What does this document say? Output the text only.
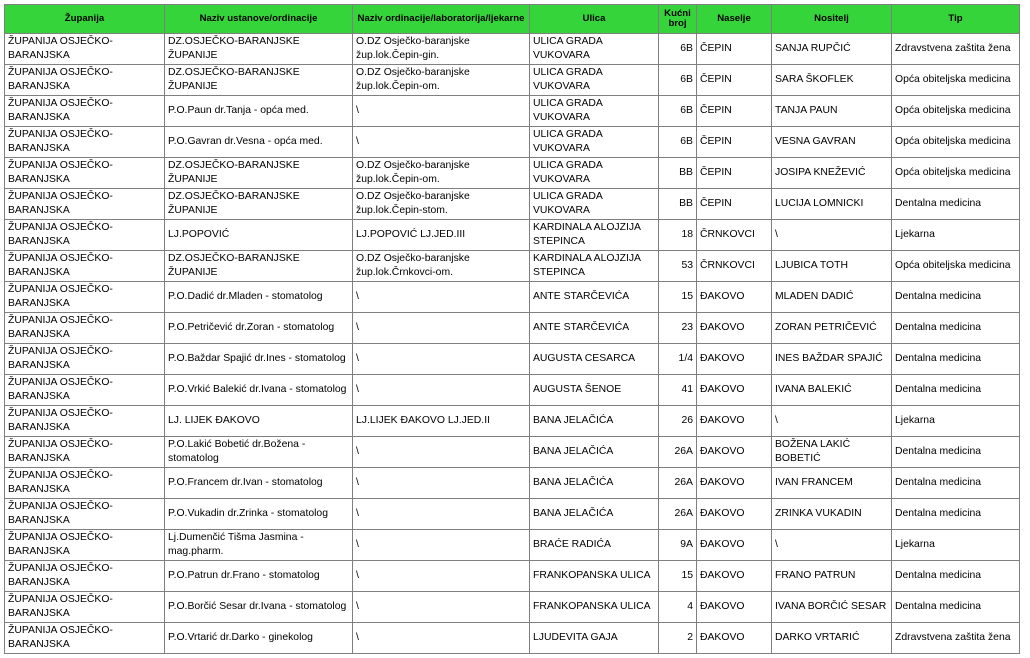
Županija	Naziv ustanove/ordinacije	Naziv ordinacije/laboratorija/ljekarne	Ulica	Kućni broj	Naselje	Nositelj	Tip
ŽUPANIJA OSJEČKO-BARANJSKA	DZ.OSJEČKO-BARANJSKE ŽUPANIJE	O.DZ Osječko-baranjske žup.lok.Čepin-gin.	ULICA GRADA VUKOVARA	6B	ČEPIN	SANJA RUPČIĆ	Zdravstvena zaštita žena
ŽUPANIJA OSJEČKO-BARANJSKA	DZ.OSJEČKO-BARANJSKE ŽUPANIJE	O.DZ Osječko-baranjske žup.lok.Čepin-om.	ULICA GRADA VUKOVARA	6B	ČEPIN	SARA ŠKOFLEK	Opća obiteljska medicina
ŽUPANIJA OSJEČKO-BARANJSKA	P.O.Paun dr.Tanja - opća med.	\	ULICA GRADA VUKOVARA	6B	ČEPIN	TANJA PAUN	Opća obiteljska medicina
ŽUPANIJA OSJEČKO-BARANJSKA	P.O.Gavran dr.Vesna - opća med.	\	ULICA GRADA VUKOVARA	6B	ČEPIN	VESNA GAVRAN	Opća obiteljska medicina
ŽUPANIJA OSJEČKO-BARANJSKA	DZ.OSJEČKO-BARANJSKE ŽUPANIJE	O.DZ Osječko-baranjske žup.lok.Čepin-om.	ULICA GRADA VUKOVARA	BB	ČEPIN	JOSIPA KNEŽEVIĆ	Opća obiteljska medicina
ŽUPANIJA OSJEČKO-BARANJSKA	DZ.OSJEČKO-BARANJSKE ŽUPANIJE	O.DZ Osječko-baranjske žup.lok.Čepin-stom.	ULICA GRADA VUKOVARA	BB	ČEPIN	LUCIJA LOMNICKI	Dentalna medicina
ŽUPANIJA OSJEČKO-BARANJSKA	LJ.POPOVIĆ	LJ.POPOVIĆ LJ.JED.III	KARDINALA ALOJZIJA STEPINCA	18	ČRNKOVCI	\	Ljekarna
ŽUPANIJA OSJEČKO-BARANJSKA	DZ.OSJEČKO-BARANJSKE ŽUPANIJE	O.DZ Osječko-baranjske žup.lok.Črnkovci-om.	KARDINALA ALOJZIJA STEPINCA	53	ČRNKOVCI	LJUBICA TOTH	Opća obiteljska medicina
ŽUPANIJA OSJEČKO-BARANJSKA	P.O.Dadić dr.Mladen - stomatolog	\	ANTE STARČEVIĆA	15	ĐAKOVO	MLADEN DADIĆ	Dentalna medicina
ŽUPANIJA OSJEČKO-BARANJSKA	P.O.Petričević dr.Zoran - stomatolog	\	ANTE STARČEVIĆA	23	ĐAKOVO	ZORAN PETRIČEVIĆ	Dentalna medicina
ŽUPANIJA OSJEČKO-BARANJSKA	P.O.Baždar Spajić dr.Ines - stomatolog	\	AUGUSTA CESARCA	1/4	ĐAKOVO	INES BAŽDAR SPAJIĆ	Dentalna medicina
ŽUPANIJA OSJEČKO-BARANJSKA	P.O.Vrkić Balekić dr.Ivana - stomatolog	\	AUGUSTA ŠENOE	41	ĐAKOVO	IVANA BALEKIĆ	Dentalna medicina
ŽUPANIJA OSJEČKO-BARANJSKA	LJ. LIJEK ĐAKOVO	LJ.LIJEK ĐAKOVO LJ.JED.II	BANA JELAČIĆA	26	ĐAKOVO	\	Ljekarna
ŽUPANIJA OSJEČKO-BARANJSKA	P.O.Lakić Bobetić dr.Božena - stomatolog	\	BANA JELAČIĆA	26A	ĐAKOVO	BOŽENA LAKIĆ BOBETIĆ	Dentalna medicina
ŽUPANIJA OSJEČKO-BARANJSKA	P.O.Francem dr.Ivan - stomatolog	\	BANA JELAČIĆA	26A	ĐAKOVO	IVAN FRANCEM	Dentalna medicina
ŽUPANIJA OSJEČKO-BARANJSKA	P.O.Vukadin dr.Zrinka - stomatolog	\	BANA JELAČIĆA	26A	ĐAKOVO	ZRINKA VUKADIN	Dentalna medicina
ŽUPANIJA OSJEČKO-BARANJSKA	Lj.Dumenčić Tišma Jasmina - mag.pharm.	\	BRAĆE RADIĆA	9A	ĐAKOVO	\	Ljekarna
ŽUPANIJA OSJEČKO-BARANJSKA	P.O.Patrun dr.Frano - stomatolog	\	FRANKOPANSKA ULICA	15	ĐAKOVO	FRANO PATRUN	Dentalna medicina
ŽUPANIJA OSJEČKO-BARANJSKA	P.O.Borčić Sesar dr.Ivana - stomatolog	\	FRANKOPANSKA ULICA	4	ĐAKOVO	IVANA BORČIĆ SESAR	Dentalna medicina
ŽUPANIJA OSJEČKO-BARANJSKA	P.O.Vrtarić dr.Darko - ginekolog	\	LJUDEVITA GAJA	2	ĐAKOVO	DARKO VRTARIĆ	Zdravstvena zaštita žena
